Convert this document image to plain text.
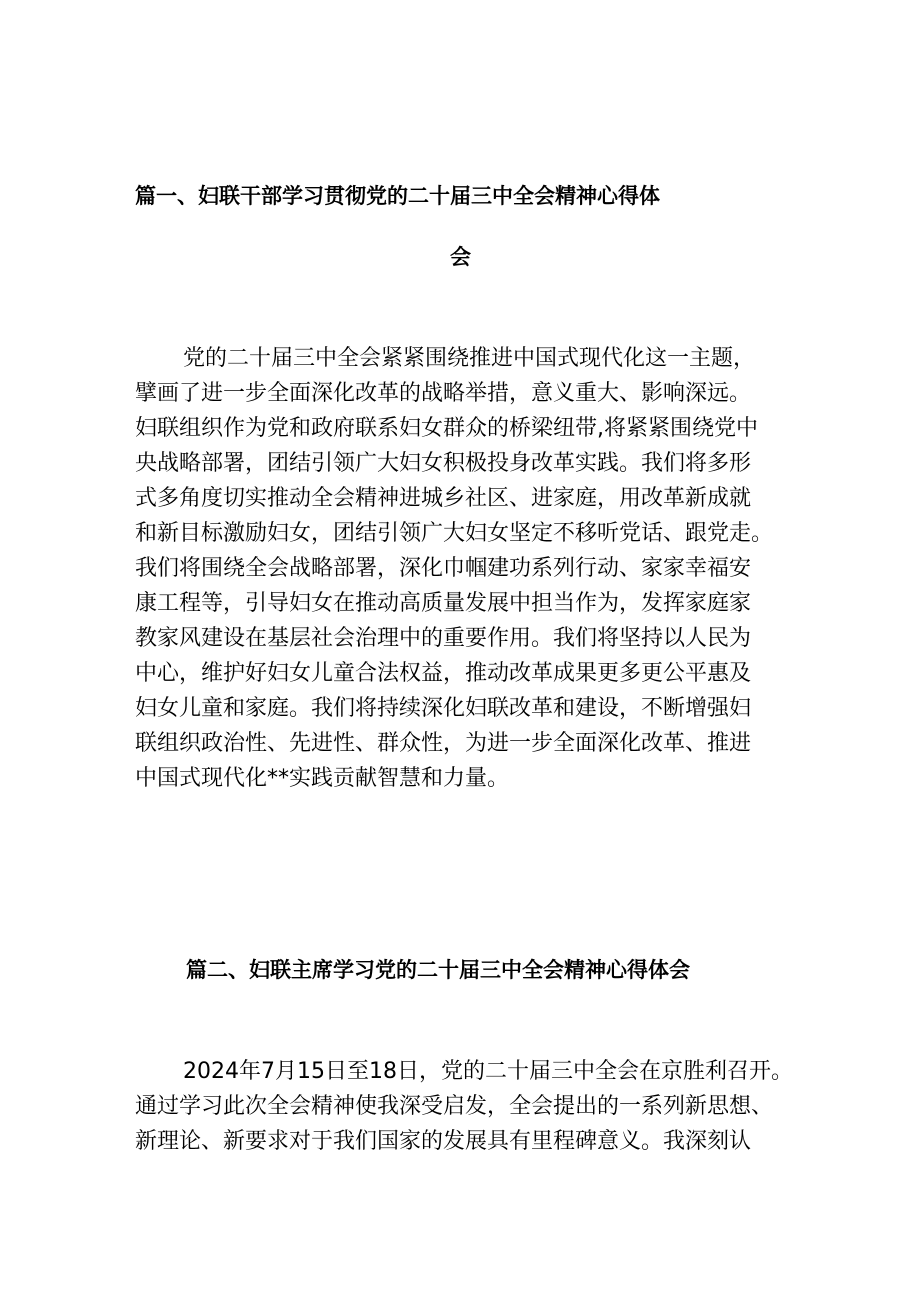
篇一、妇联干部学习贯彻党的二十届三中全会精神心得体
会
党的二十届三中全会紧紧围绕推进中国式现代化这一主题，
擘画了进一步全面深化改革的战略举措，意义重大、影响深远。
妇联组织作为党和政府联系妇女群众的桥梁纽带,将紧紧围绕党中
央战略部署，团结引领广大妇女积极投身改革实践。我们将多形
式多角度切实推动全会精神进城乡社区、进家庭，用改革新成就
和新目标激励妇女，团结引领广大妇女坚定不移听党话、跟党走。
我们将围绕全会战略部署，深化巾帼建功系列行动、家家幸福安
康工程等，引导妇女在推动高质量发展中担当作为，发挥家庭家
教家风建设在基层社会治理中的重要作用。我们将坚持以人民为
中心，维护好妇女儿童合法权益，推动改革成果更多更公平惠及
妇女儿童和家庭。我们将持续深化妇联改革和建设，不断增强妇
联组织政治性、先进性、群众性，为进一步全面深化改革、推进
中国式现代化**实践贡献智慧和力量。
篇二、妇联主席学习党的二十届三中全会精神心得体会
2024年7月15日至18日，党的二十届三中全会在京胜利召开。
通过学习此次全会精神使我深受启发，全会提出的一系列新思想、
新理论、新要求对于我们国家的发展具有里程碑意义。我深刻认
